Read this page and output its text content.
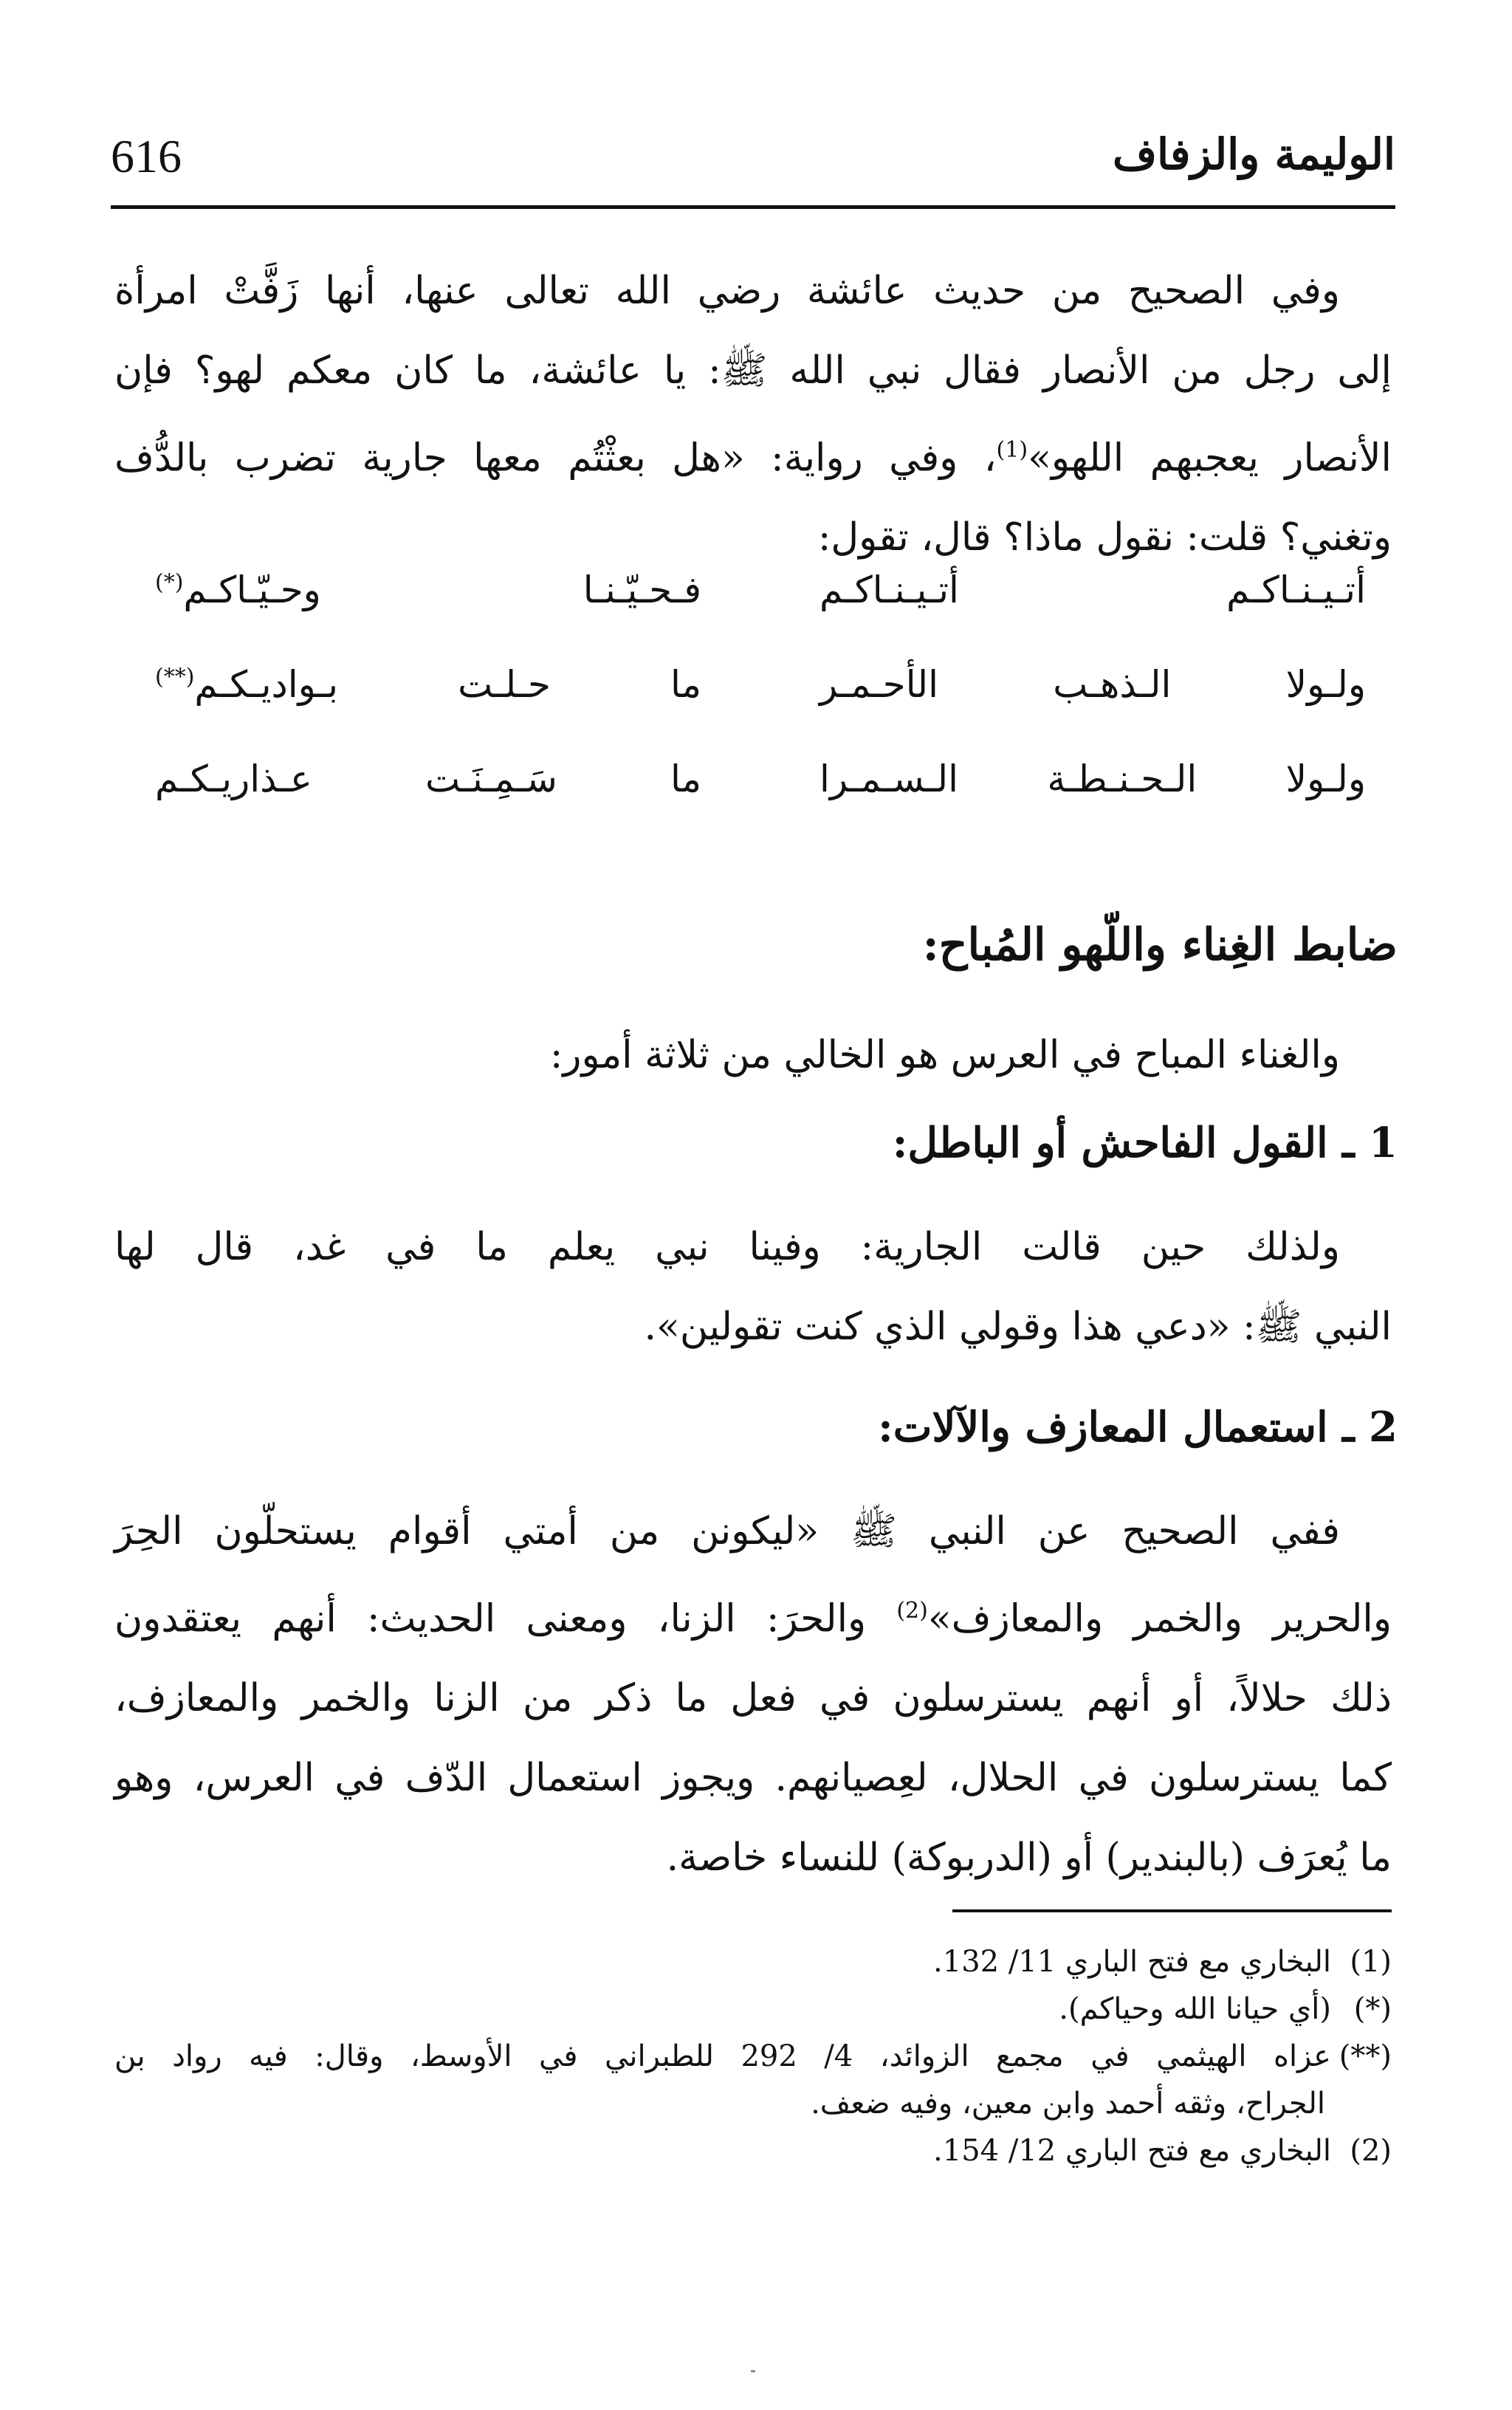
الوليمة والزفاف
616
وفي الصحيح من حديث عائشة رضي الله تعالى عنها، أنها زَفَّتْ امرأة
إلى رجل من الأنصار فقال نبي الله ﷺ: يا عائشة، ما كان معكم لهو؟ فإن
الأنصار يعجبهم اللهو»$^{(1)}$، وفي رواية: «هل بعثْتُم معها جارية تضرب بالدُّف
وتغني؟ قلت: نقول ماذا؟ قال، تقول:
أتـيـنـاكـم أتـيـنـاكـم
فـحـيّـنـا وحـيّـاكـم(*)
ولـولا الـذهـب الأحـمـر
ما حـلـت بـواديـكـم(**)
ولـولا الـحـنـطـة الـسـمـرا
ما سَـمِـنَـت عـذاريـكـم
ضابط الغِناء واللّهو المُباح:
والغناء المباح في العرس هو الخالي من ثلاثة أمور:
1 ـ القول الفاحش أو الباطل:
ولذلك حين قالت الجارية: وفينا نبي يعلم ما في غد، قال لها
النبي ﷺ: «دعي هذا وقولي الذي كنت تقولين».
2 ـ استعمال المعازف والآلات:
ففي الصحيح عن النبي ﷺ «ليكونن من أمتي أقوام يستحلّون الحِرَ
والحرير والخمر والمعازف»$^{(2)}$ والحرَ: الزنا، ومعنى الحديث: أنهم يعتقدون
ذلك حلالاً، أو أنهم يسترسلون في فعل ما ذكر من الزنا والخمر والمعازف،
كما يسترسلون في الحلال، لعِصيانهم. ويجوز استعمال الدّف في العرس، وهو
ما يُعرَف (بالبندير) أو (الدربوكة) للنساء خاصة.
(1)البخاري مع فتح الباري 11/ 132.
(*)(أي حيانا الله وحياكم).
(**)عزاه الهيثمي في مجمع الزوائد، 4/ 292 للطبراني في الأوسط، وقال: فيه رواد بن
الجراح، وثقه أحمد وابن معين، وفيه ضعف.
(2)البخاري مع فتح الباري 12/ 154.
